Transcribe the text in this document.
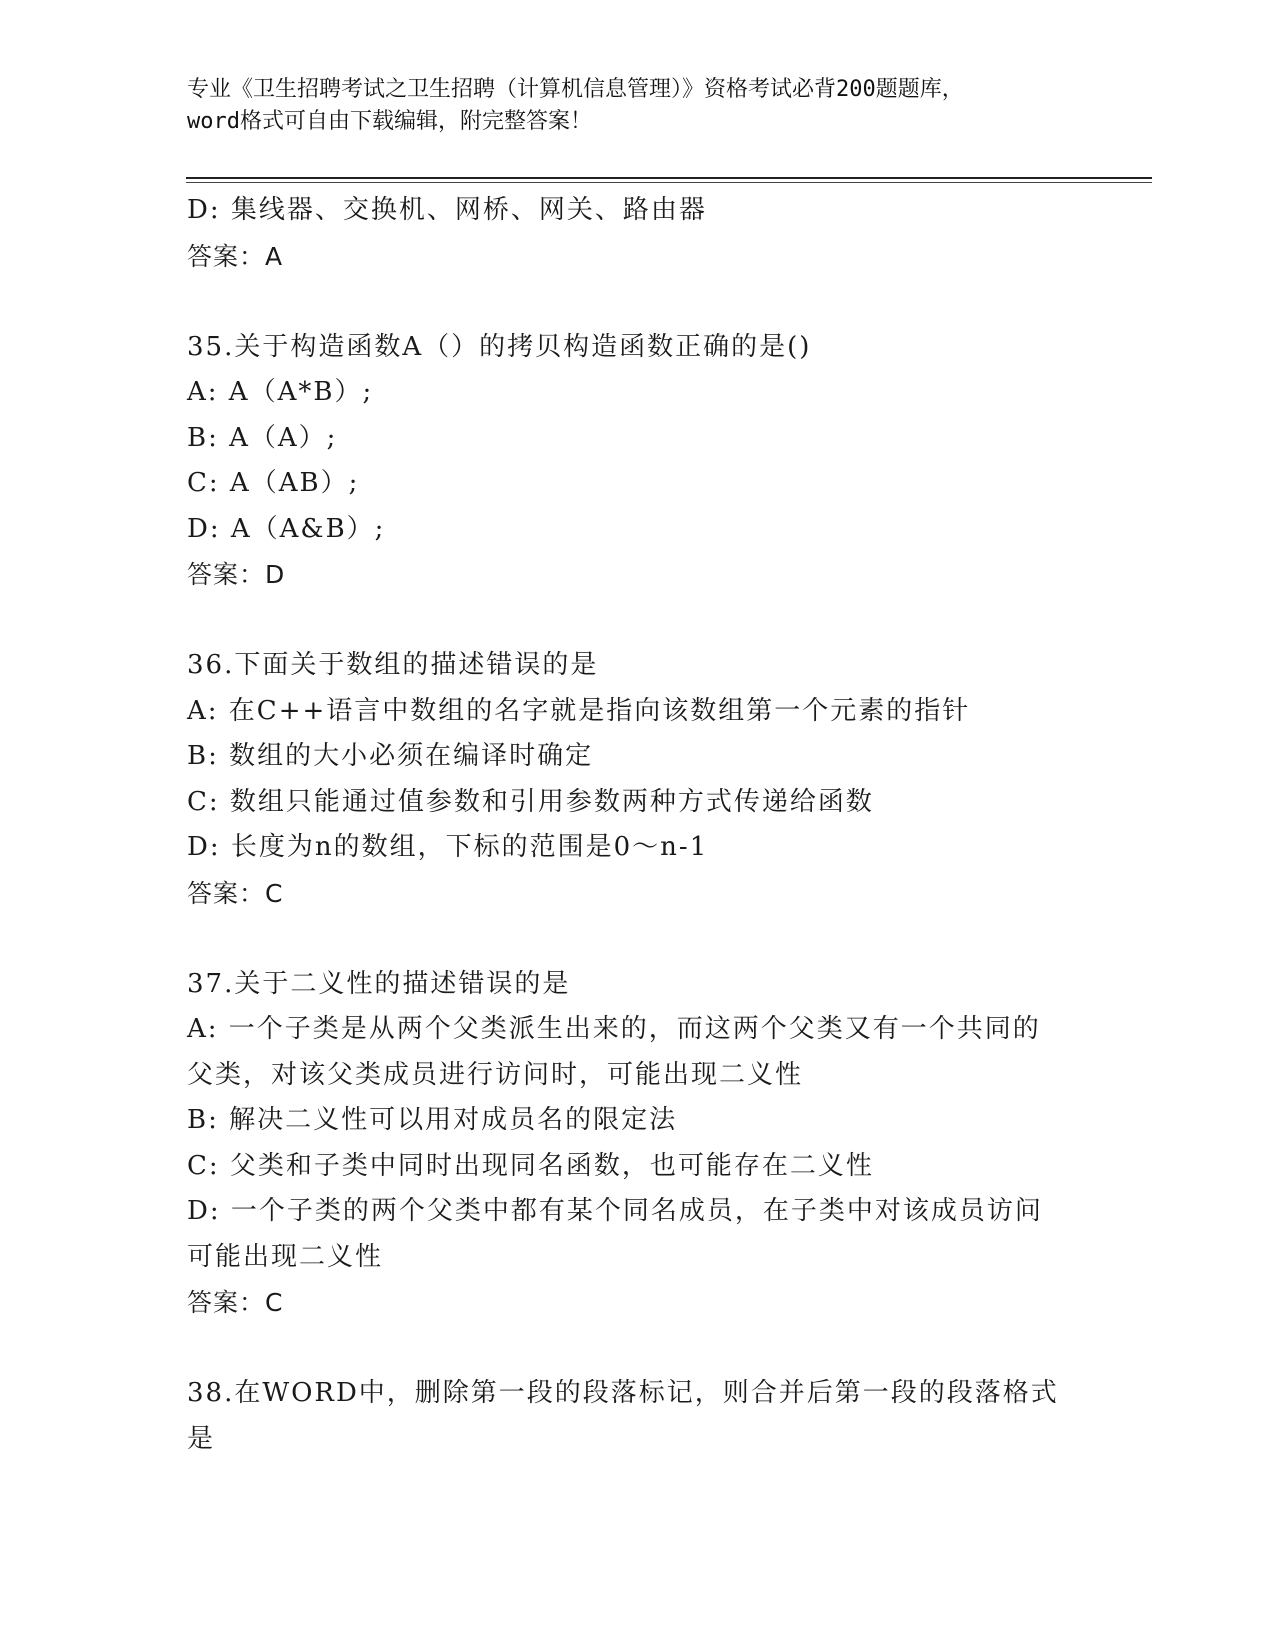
专业《卫生招聘考试之卫生招聘（计算机信息管理）》资格考试必背200题题库，
word格式可自由下载编辑，附完整答案！
D: 集线器、交换机、网桥、网关、路由器
答案：A
35.关于构造函数A（）的拷贝构造函数正确的是()
A: A（A*B）;
B: A（A）;
C: A（AB）;
D: A（A&B）;
答案：D
36.下面关于数组的描述错误的是
A: 在C++语言中数组的名字就是指向该数组第一个元素的指针
B: 数组的大小必须在编译时确定
C: 数组只能通过值参数和引用参数两种方式传递给函数
D: 长度为n的数组，下标的范围是0～n-1
答案：C
37.关于二义性的描述错误的是
A: 一个子类是从两个父类派生出来的，而这两个父类又有一个共同的
父类，对该父类成员进行访问时，可能出现二义性
B: 解决二义性可以用对成员名的限定法
C: 父类和子类中同时出现同名函数，也可能存在二义性
D: 一个子类的两个父类中都有某个同名成员，在子类中对该成员访问
可能出现二义性
答案：C
38.在WORD中，删除第一段的段落标记，则合并后第一段的段落格式
是
